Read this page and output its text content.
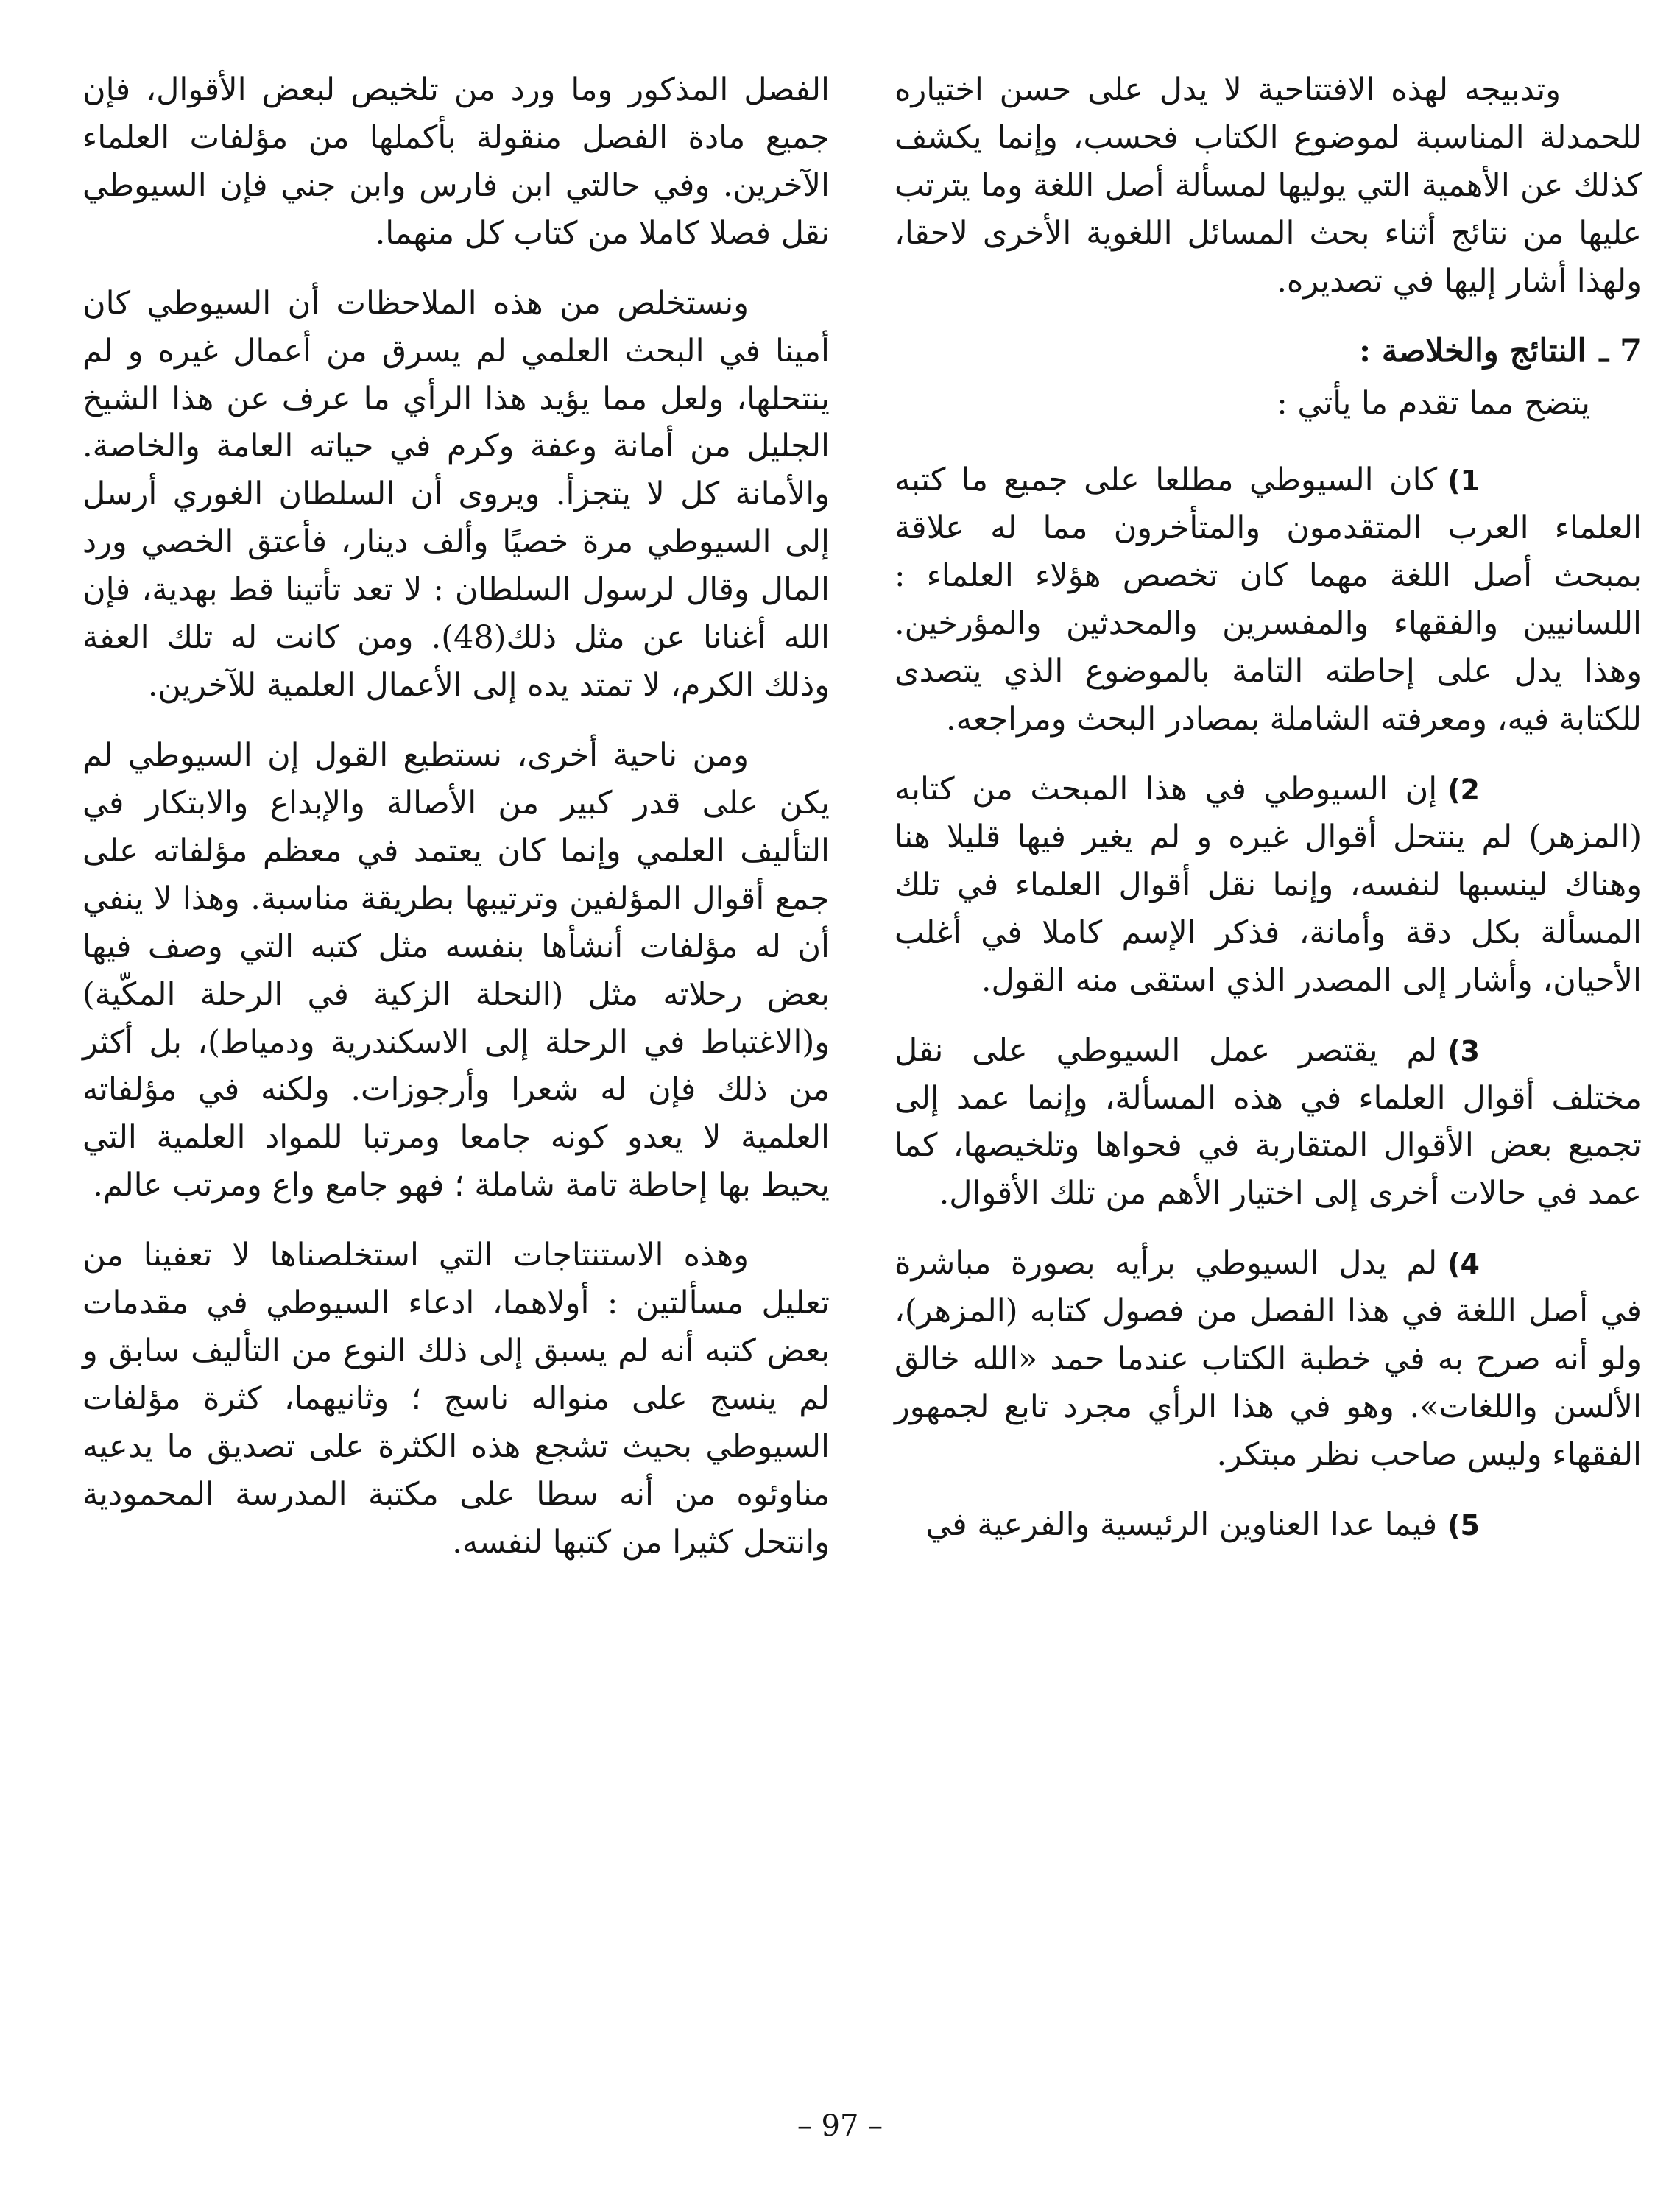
وتدبيجه لهذه الافتتاحية لا يدل على حسن اختياره للحمدلة المناسبة لموضوع الكتاب فحسب، وإنما يكشف كذلك عن الأهمية التي يوليها لمسألة أصل اللغة وما يترتب عليها من نتائج أثناء بحث المسائل اللغوية الأخرى لاحقا، ولهذا أشار إليها في تصديره.

7 ـ
النتائج والخلاصة :

يتضح مما تقدم ما يأتي :

1)كان السيوطي مطلعا على جميع ما كتبه العلماء العرب المتقدمون والمتأخرون مما له علاقة بمبحث أصل اللغة مهما كان تخصص هؤلاء العلماء : اللسانيين والفقهاء والمفسرين والمحدثين والمؤرخين. وهذا يدل على إحاطته التامة بالموضوع الذي يتصدى للكتابة فيه، ومعرفته الشاملة بمصادر البحث ومراجعه.

2)إن السيوطي في هذا المبحث من كتابه (المزهر) لم ينتحل أقوال غيره و لم يغير فيها قليلا هنا وهناك لينسبها لنفسه، وإنما نقل أقوال العلماء في تلك المسألة بكل دقة وأمانة، فذكر الإسم كاملا في أغلب الأحيان، وأشار إلى المصدر الذي استقى منه القول.

3)لم يقتصر عمل السيوطي على نقل مختلف أقوال العلماء في هذه المسألة، وإنما عمد إلى تجميع بعض الأقوال المتقاربة في فحواها وتلخيصها، كما عمد في حالات أخرى إلى اختيار الأهم من تلك الأقوال.

4)لم يدل السيوطي برأيه بصورة مباشرة في أصل اللغة في هذا الفصل من فصول كتابه (المزهر)، ولو أنه صرح به في خطبة الكتاب عندما حمد «الله خالق الألسن واللغات». وهو في هذا الرأي مجرد تابع لجمهور الفقهاء وليس صاحب نظر مبتكر.

5)فيما عدا العناوين الرئيسية والفرعية في

الفصل المذكور وما ورد من تلخيص لبعض الأقوال، فإن جميع مادة الفصل منقولة بأكملها من مؤلفات العلماء الآخرين. وفي حالتي ابن فارس وابن جني فإن السيوطي نقل فصلا كاملا من كتاب كل منهما.

ونستخلص من هذه الملاحظات أن السيوطي كان أمينا في البحث العلمي لم يسرق من أعمال غيره و لم ينتحلها، ولعل مما يؤيد هذا الرأي ما عرف عن هذا الشيخ الجليل من أمانة وعفة وكرم في حياته العامة والخاصة. والأمانة كل لا يتجزأ. ويروى أن السلطان الغوري أرسل إلى السيوطي مرة خصيًا وألف دينار، فأعتق الخصي ورد المال وقال لرسول السلطان : لا تعد تأتينا قط بهدية، فإن الله أغنانا عن مثل ذلك(48). ومن كانت له تلك العفة وذلك الكرم، لا تمتد يده إلى الأعمال العلمية للآخرين.

ومن ناحية أخرى، نستطيع القول إن السيوطي لم يكن على قدر كبير من الأصالة والإبداع والابتكار في التأليف العلمي وإنما كان يعتمد في معظم مؤلفاته على جمع أقوال المؤلفين وترتيبها بطريقة مناسبة. وهذا لا ينفي أن له مؤلفات أنشأها بنفسه مثل كتبه التي وصف فيها بعض رحلاته مثل (النحلة الزكية في الرحلة المكّية) و(الاغتباط في الرحلة إلى الاسكندرية ودمياط)، بل أكثر من ذلك فإن له شعرا وأرجوزات. ولكنه في مؤلفاته العلمية لا يعدو كونه جامعا ومرتبا للمواد العلمية التي يحيط بها إحاطة تامة شاملة ؛ فهو جامع واع ومرتب عالم.

وهذه الاستنتاجات التي استخلصناها لا تعفينا من تعليل مسألتين : أولاهما، ادعاء السيوطي في مقدمات بعض كتبه أنه لم يسبق إلى ذلك النوع من التأليف سابق و لم ينسج على منواله ناسج ؛ وثانيهما، كثرة مؤلفات السيوطي بحيث تشجع هذه الكثرة على تصديق ما يدعيه مناوئوه من أنه سطا على مكتبة المدرسة المحمودية وانتحل كثيرا من كتبها لنفسه.

– 97 –
